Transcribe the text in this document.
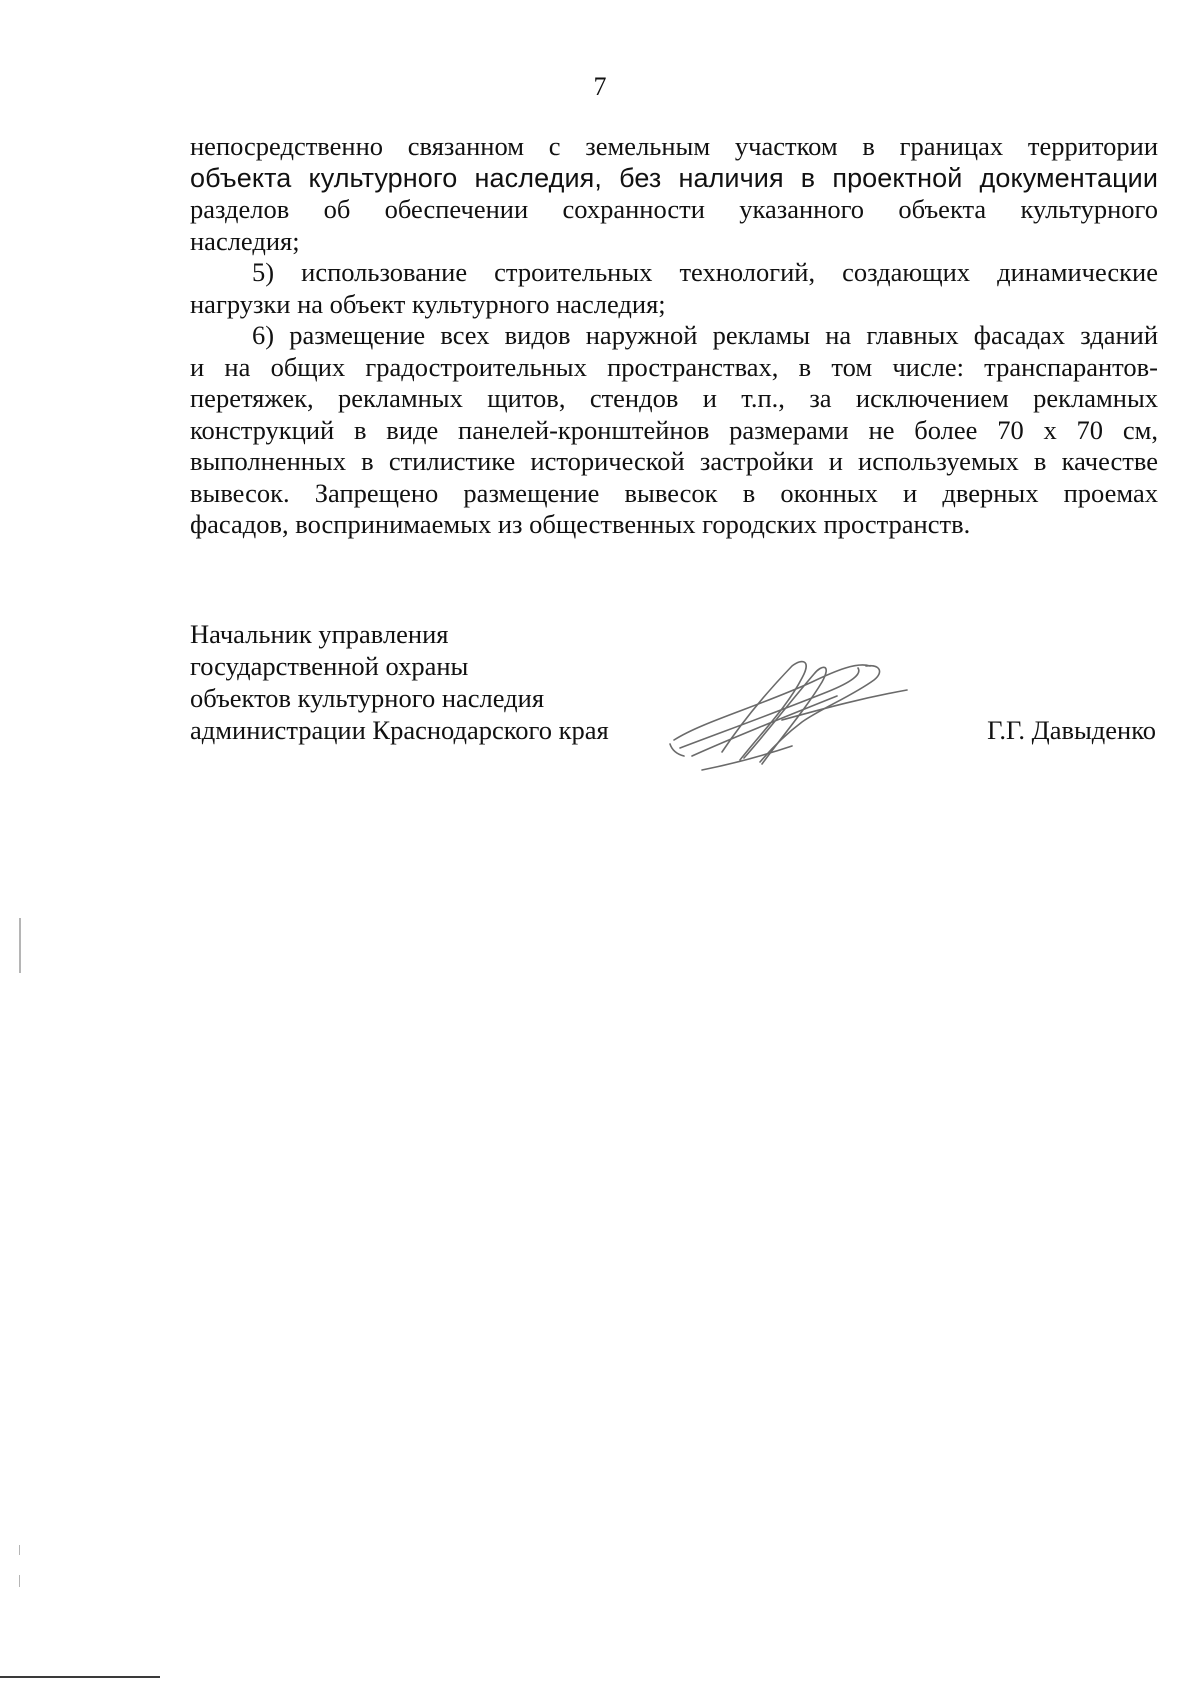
7
непосредственно связанном с земельным участком в границах территории
объекта культурного наследия, без наличия в проектной документации
разделов об обеспечении сохранности указанного объекта культурного
наследия;
5) использование строительных технологий, создающих динамические
нагрузки на объект культурного наследия;
6) размещение всех видов наружной рекламы на главных фасадах зданий
и на общих градостроительных пространствах, в том числе: транспарантов-
перетяжек, рекламных щитов, стендов и т.п., за исключением рекламных
конструкций в виде панелей-кронштейнов размерами не более 70 х 70 см,
выполненных в стилистике исторической застройки и используемых в качестве
вывесок. Запрещено размещение вывесок в оконных и дверных проемах
фасадов, воспринимаемых из общественных городских пространств.
Начальник управления
государственной охраны
объектов культурного наследия
администрации Краснодарского края	Г.Г. Давыденко
